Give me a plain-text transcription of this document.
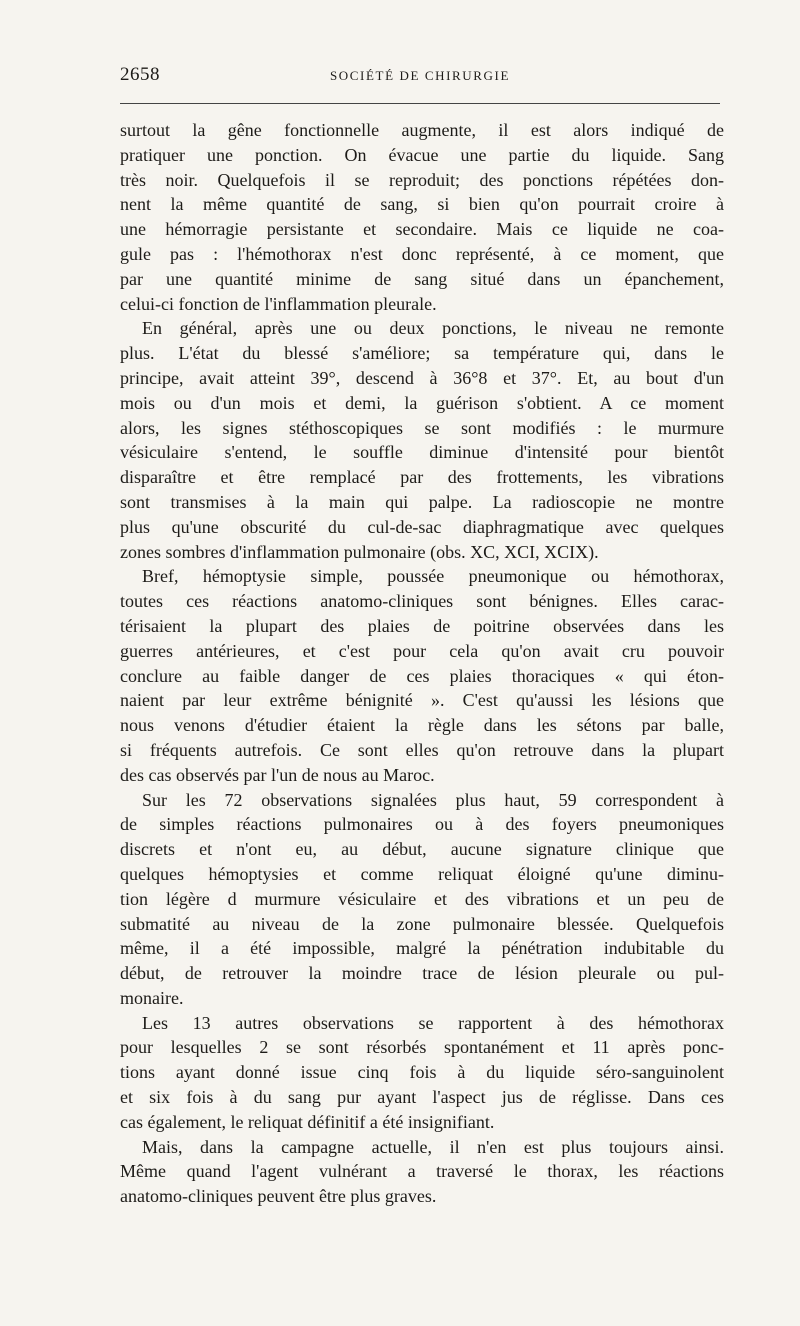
2658	SOCIÉTÉ DE CHIRURGIE
surtout la gêne fonctionnelle augmente, il est alors indiqué de
pratiquer une ponction. On évacue une partie du liquide. Sang
très noir. Quelquefois il se reproduit; des ponctions répétées don-
nent la même quantité de sang, si bien qu'on pourrait croire à
une hémorragie persistante et secondaire. Mais ce liquide ne coa-
gule pas : l'hémothorax n'est donc représenté, à ce moment, que
par une quantité minime de sang situé dans un épanchement,
celui-ci fonction de l'inflammation pleurale.
En général, après une ou deux ponctions, le niveau ne remonte
plus. L'état du blessé s'améliore; sa température qui, dans le
principe, avait atteint 39°, descend à 36°8 et 37°. Et, au bout d'un
mois ou d'un mois et demi, la guérison s'obtient. A ce moment
alors, les signes stéthoscopiques se sont modifiés : le murmure
vésiculaire s'entend, le souffle diminue d'intensité pour bientôt
disparaître et être remplacé par des frottements, les vibrations
sont transmises à la main qui palpe. La radioscopie ne montre
plus qu'une obscurité du cul-de-sac diaphragmatique avec quelques
zones sombres d'inflammation pulmonaire (obs. XC, XCI, XCIX).
Bref, hémoptysie simple, poussée pneumonique ou hémothorax,
toutes ces réactions anatomo-cliniques sont bénignes. Elles carac-
térisaient la plupart des plaies de poitrine observées dans les
guerres antérieures, et c'est pour cela qu'on avait cru pouvoir
conclure au faible danger de ces plaies thoraciques « qui éton-
naient par leur extrême bénignité ». C'est qu'aussi les lésions que
nous venons d'étudier étaient la règle dans les sétons par balle,
si fréquents autrefois. Ce sont elles qu'on retrouve dans la plupart
des cas observés par l'un de nous au Maroc.
Sur les 72 observations signalées plus haut, 59 correspondent à
de simples réactions pulmonaires ou à des foyers pneumoniques
discrets et n'ont eu, au début, aucune signature clinique que
quelques hémoptysies et comme reliquat éloigné qu'une diminu-
tion légère d murmure vésiculaire et des vibrations et un peu de
submatité au niveau de la zone pulmonaire blessée. Quelquefois
même, il a été impossible, malgré la pénétration indubitable du
début, de retrouver la moindre trace de lésion pleurale ou pul-
monaire.
Les 13 autres observations se rapportent à des hémothorax
pour lesquelles 2 se sont résorbés spontanément et 11 après ponc-
tions ayant donné issue cinq fois à du liquide séro-sanguinolent
et six fois à du sang pur ayant l'aspect jus de réglisse. Dans ces
cas également, le reliquat définitif a été insignifiant.
Mais, dans la campagne actuelle, il n'en est plus toujours ainsi.
Même quand l'agent vulnérant a traversé le thorax, les réactions
anatomo-cliniques peuvent être plus graves.
